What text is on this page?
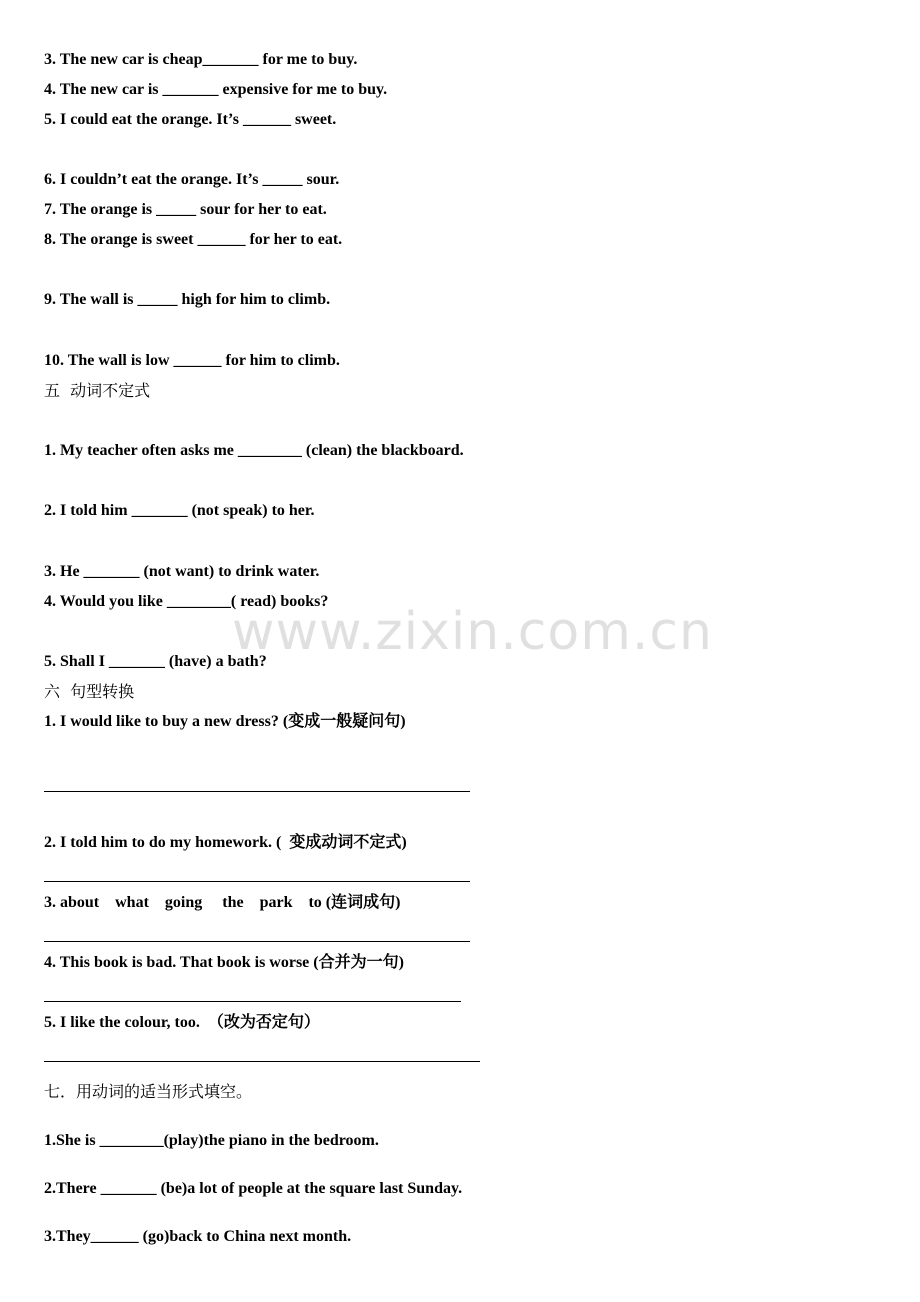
3. The new car is cheap_______ for me to buy.
4. The new car is _______ expensive for me to buy.
5. I could eat the orange. It’s ______ sweet.
6. I couldn’t eat the orange. It’s _____ sour.
7. The orange is _____ sour for her to eat.
8. The orange is sweet ______ for her to eat.
9. The wall is _____ high for him to climb.
10. The wall is low ______ for him to climb.
五  动词不定式
1. My teacher often asks me ________ (clean) the blackboard.
2. I told him _______ (not speak) to her.
3. He _______ (not want) to drink water.
4. Would you like ________( read) books?
5. Shall I _______ (have) a bath?
六  句型转换
1. I would like to buy a new dress? (变成一般疑问句)
2. I told him to do my homework. (  变成动词不定式)
3. about    what    going     the    park    to (连词成句)
4. This book is bad. That book is worse (合并为一句)
5. I like the colour, too.  （改为否定句）
七．用动词的适当形式填空。
1.She is ________(play)the piano in the bedroom.
2.There _______ (be)a lot of people at the square last Sunday.
3.They______ (go)back to China next month.
www.zixin.com.cn
